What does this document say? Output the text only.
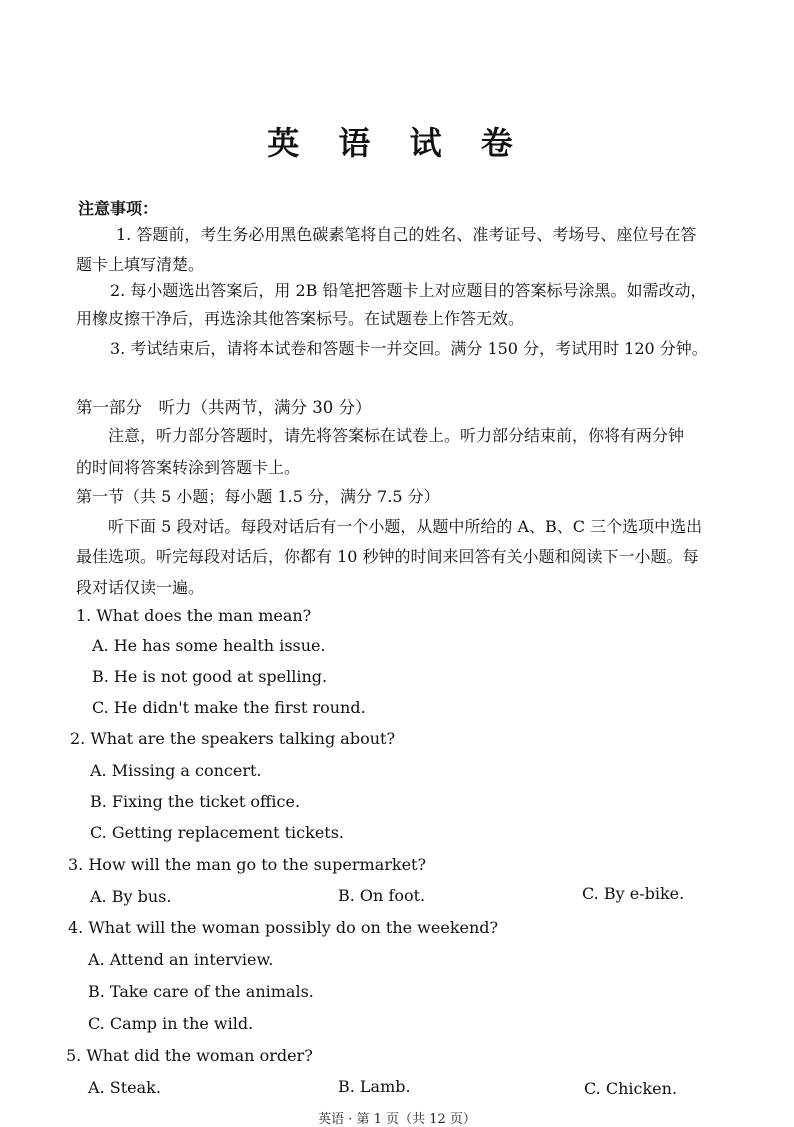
英 语 试 卷
注意事项：
1. 答题前，考生务必用黑色碳素笔将自己的姓名、准考证号、考场号、座位号在答
题卡上填写清楚。
2. 每小题选出答案后，用 2B 铅笔把答题卡上对应题目的答案标号涂黑。如需改动，
用橡皮擦干净后，再选涂其他答案标号。在试题卷上作答无效。
3. 考试结束后，请将本试卷和答题卡一并交回。满分 150 分，考试用时 120 分钟。
第一部分　听力（共两节，满分 30 分）
注意，听力部分答题时，请先将答案标在试卷上。听力部分结束前，你将有两分钟
的时间将答案转涂到答题卡上。
第一节（共 5 小题；每小题 1.5 分，满分 7.5 分）
听下面 5 段对话。每段对话后有一个小题，从题中所给的 A、B、C 三个选项中选出
最佳选项。听完每段对话后，你都有 10 秒钟的时间来回答有关小题和阅读下一小题。每
段对话仅读一遍。
1. What does the man mean?
A. He has some health issue.
B. He is not good at spelling.
C. He didn't make the first round.
2. What are the speakers talking about?
A. Missing a concert.
B. Fixing the ticket office.
C. Getting replacement tickets.
3. How will the man go to the supermarket?
A. By bus.	B. On foot.	C. By e-bike.
4. What will the woman possibly do on the weekend?
A. Attend an interview.
B. Take care of the animals.
C. Camp in the wild.
5. What did the woman order?
A. Steak.	B. Lamb.	C. Chicken.
英语 · 第 1 页（共 12 页）
